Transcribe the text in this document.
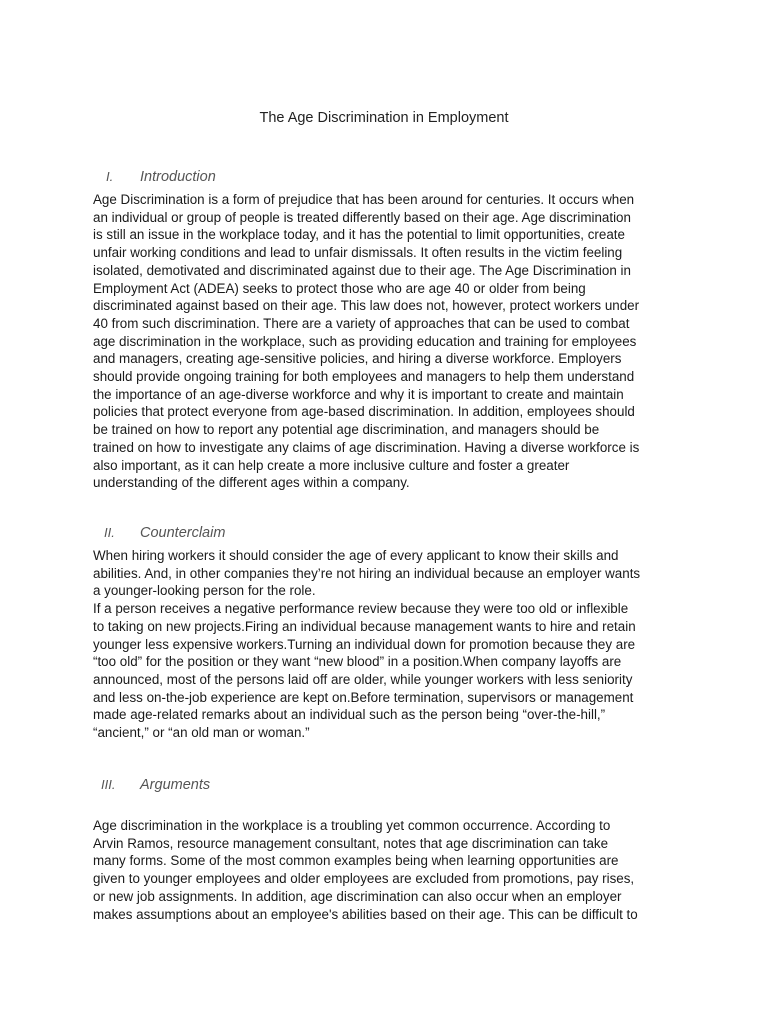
The Age Discrimination in Employment
I. Introduction

Age Discrimination is a form of prejudice that has been around for centuries. It occurs when
an individual or group of people is treated differently based on their age. Age discrimination
is still an issue in the workplace today, and it has the potential to limit opportunities, create
unfair working conditions and lead to unfair dismissals. It often results in the victim feeling
isolated, demotivated and discriminated against due to their age. The Age Discrimination in
Employment Act (ADEA) seeks to protect those who are age 40 or older from being
discriminated against based on their age. This law does not, however, protect workers under
40 from such discrimination. There are a variety of approaches that can be used to combat
age discrimination in the workplace, such as providing education and training for employees
and managers, creating age-sensitive policies, and hiring a diverse workforce. Employers
should provide ongoing training for both employees and managers to help them understand
the importance of an age-diverse workforce and why it is important to create and maintain
policies that protect everyone from age-based discrimination. In addition, employees should
be trained on how to report any potential age discrimination, and managers should be
trained on how to investigate any claims of age discrimination. Having a diverse workforce is
also important, as it can help create a more inclusive culture and foster a greater
understanding of the different ages within a company.

II. Counterclaim

When hiring workers it should consider the age of every applicant to know their skills and
abilities. And, in other companies they’re not hiring an individual because an employer wants
a younger-looking person for the role.
If a person receives a negative performance review because they were too old or inflexible
to taking on new projects.Firing an individual because management wants to hire and retain
younger less expensive workers.Turning an individual down for promotion because they are
“too old” for the position or they want “new blood” in a position.When company layoffs are
announced, most of the persons laid off are older, while younger workers with less seniority
and less on-the-job experience are kept on.Before termination, supervisors or management
made age-related remarks about an individual such as the person being “over-the-hill,”
“ancient,” or “an old man or woman.”

III. Arguments

Age discrimination in the workplace is a troubling yet common occurrence. According to
Arvin Ramos, resource management consultant, notes that age discrimination can take
many forms. Some of the most common examples being when learning opportunities are
given to younger employees and older employees are excluded from promotions, pay rises,
or new job assignments. In addition, age discrimination can also occur when an employer
makes assumptions about an employee's abilities based on their age. This can be difficult to
